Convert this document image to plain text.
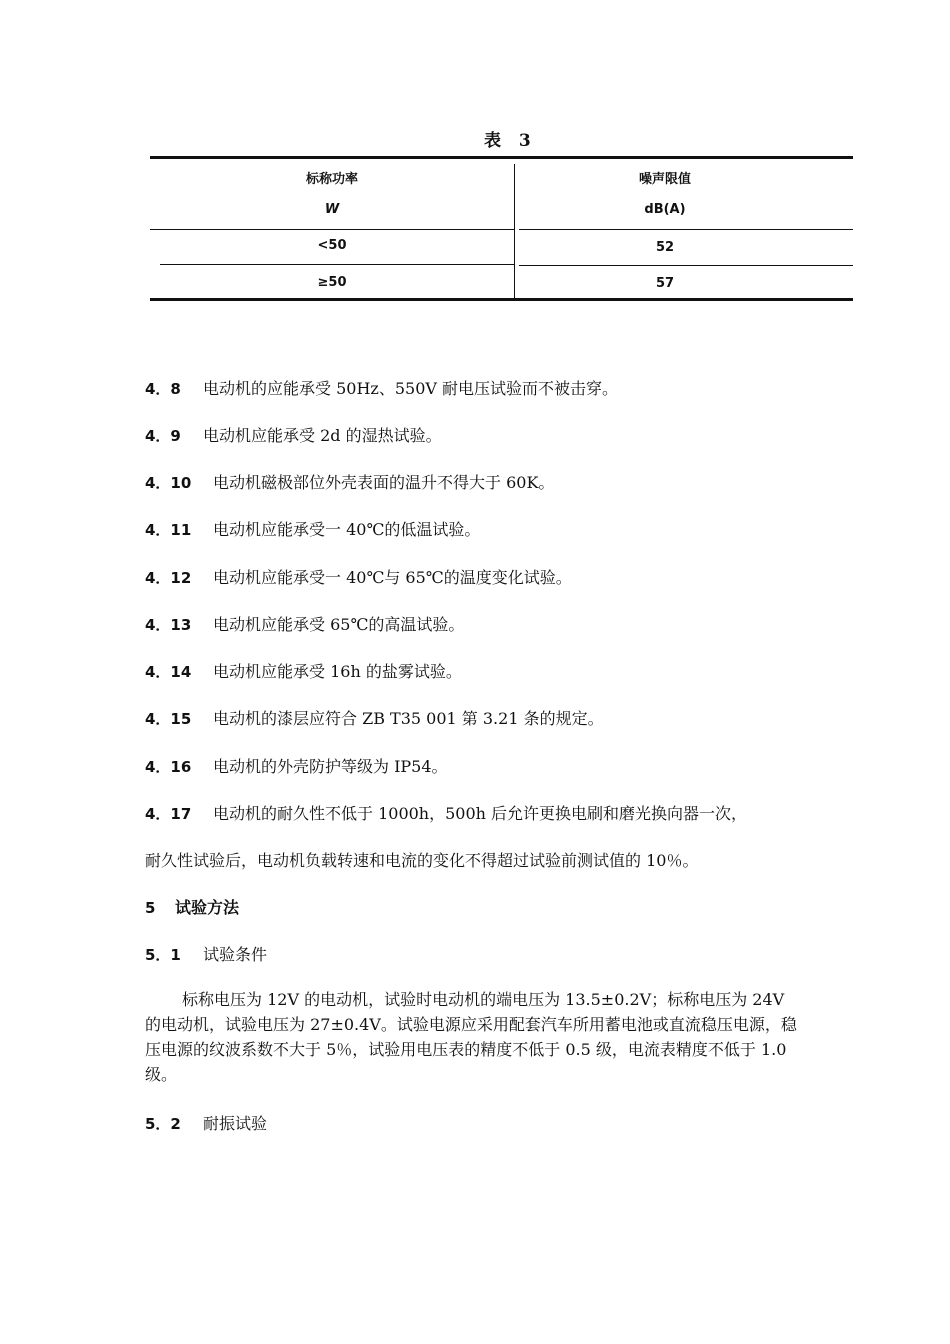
表 3
标称功率
W
噪声限值
dB(A)
<50	52
≥50	57
4．8 电动机的应能承受 50Hz、550V 耐电压试验而不被击穿。
4．9 电动机应能承受 2d 的湿热试验。
4．10 电动机磁极部位外壳表面的温升不得大于 60K。
4．11 电动机应能承受一 40℃的低温试验。
4．12 电动机应能承受一 40℃与 65℃的温度变化试验。
4．13 电动机应能承受 65℃的高温试验。
4．14 电动机应能承受 16h 的盐雾试验。
4．15 电动机的漆层应符合 ZB T35 001 第 3.21 条的规定。
4．16 电动机的外壳防护等级为 IP54。
4．17 电动机的耐久性不低于 1000h，500h 后允许更换电刷和磨光换向器一次，
耐久性试验后，电动机负载转速和电流的变化不得超过试验前测试值的 10％。
5 试验方法
5．1 试验条件
标称电压为 12V 的电动机，试验时电动机的端电压为 13.5±0.2V；标称电压为 24V 的电动机，试验电压为 27±0.4V。试验电源应采用配套汽车所用蓄电池或直流稳压电源，稳压电源的纹波系数不大于 5％，试验用电压表的精度不低于 0.5 级，电流表精度不低于 1.0 级。
5．2 耐振试验
